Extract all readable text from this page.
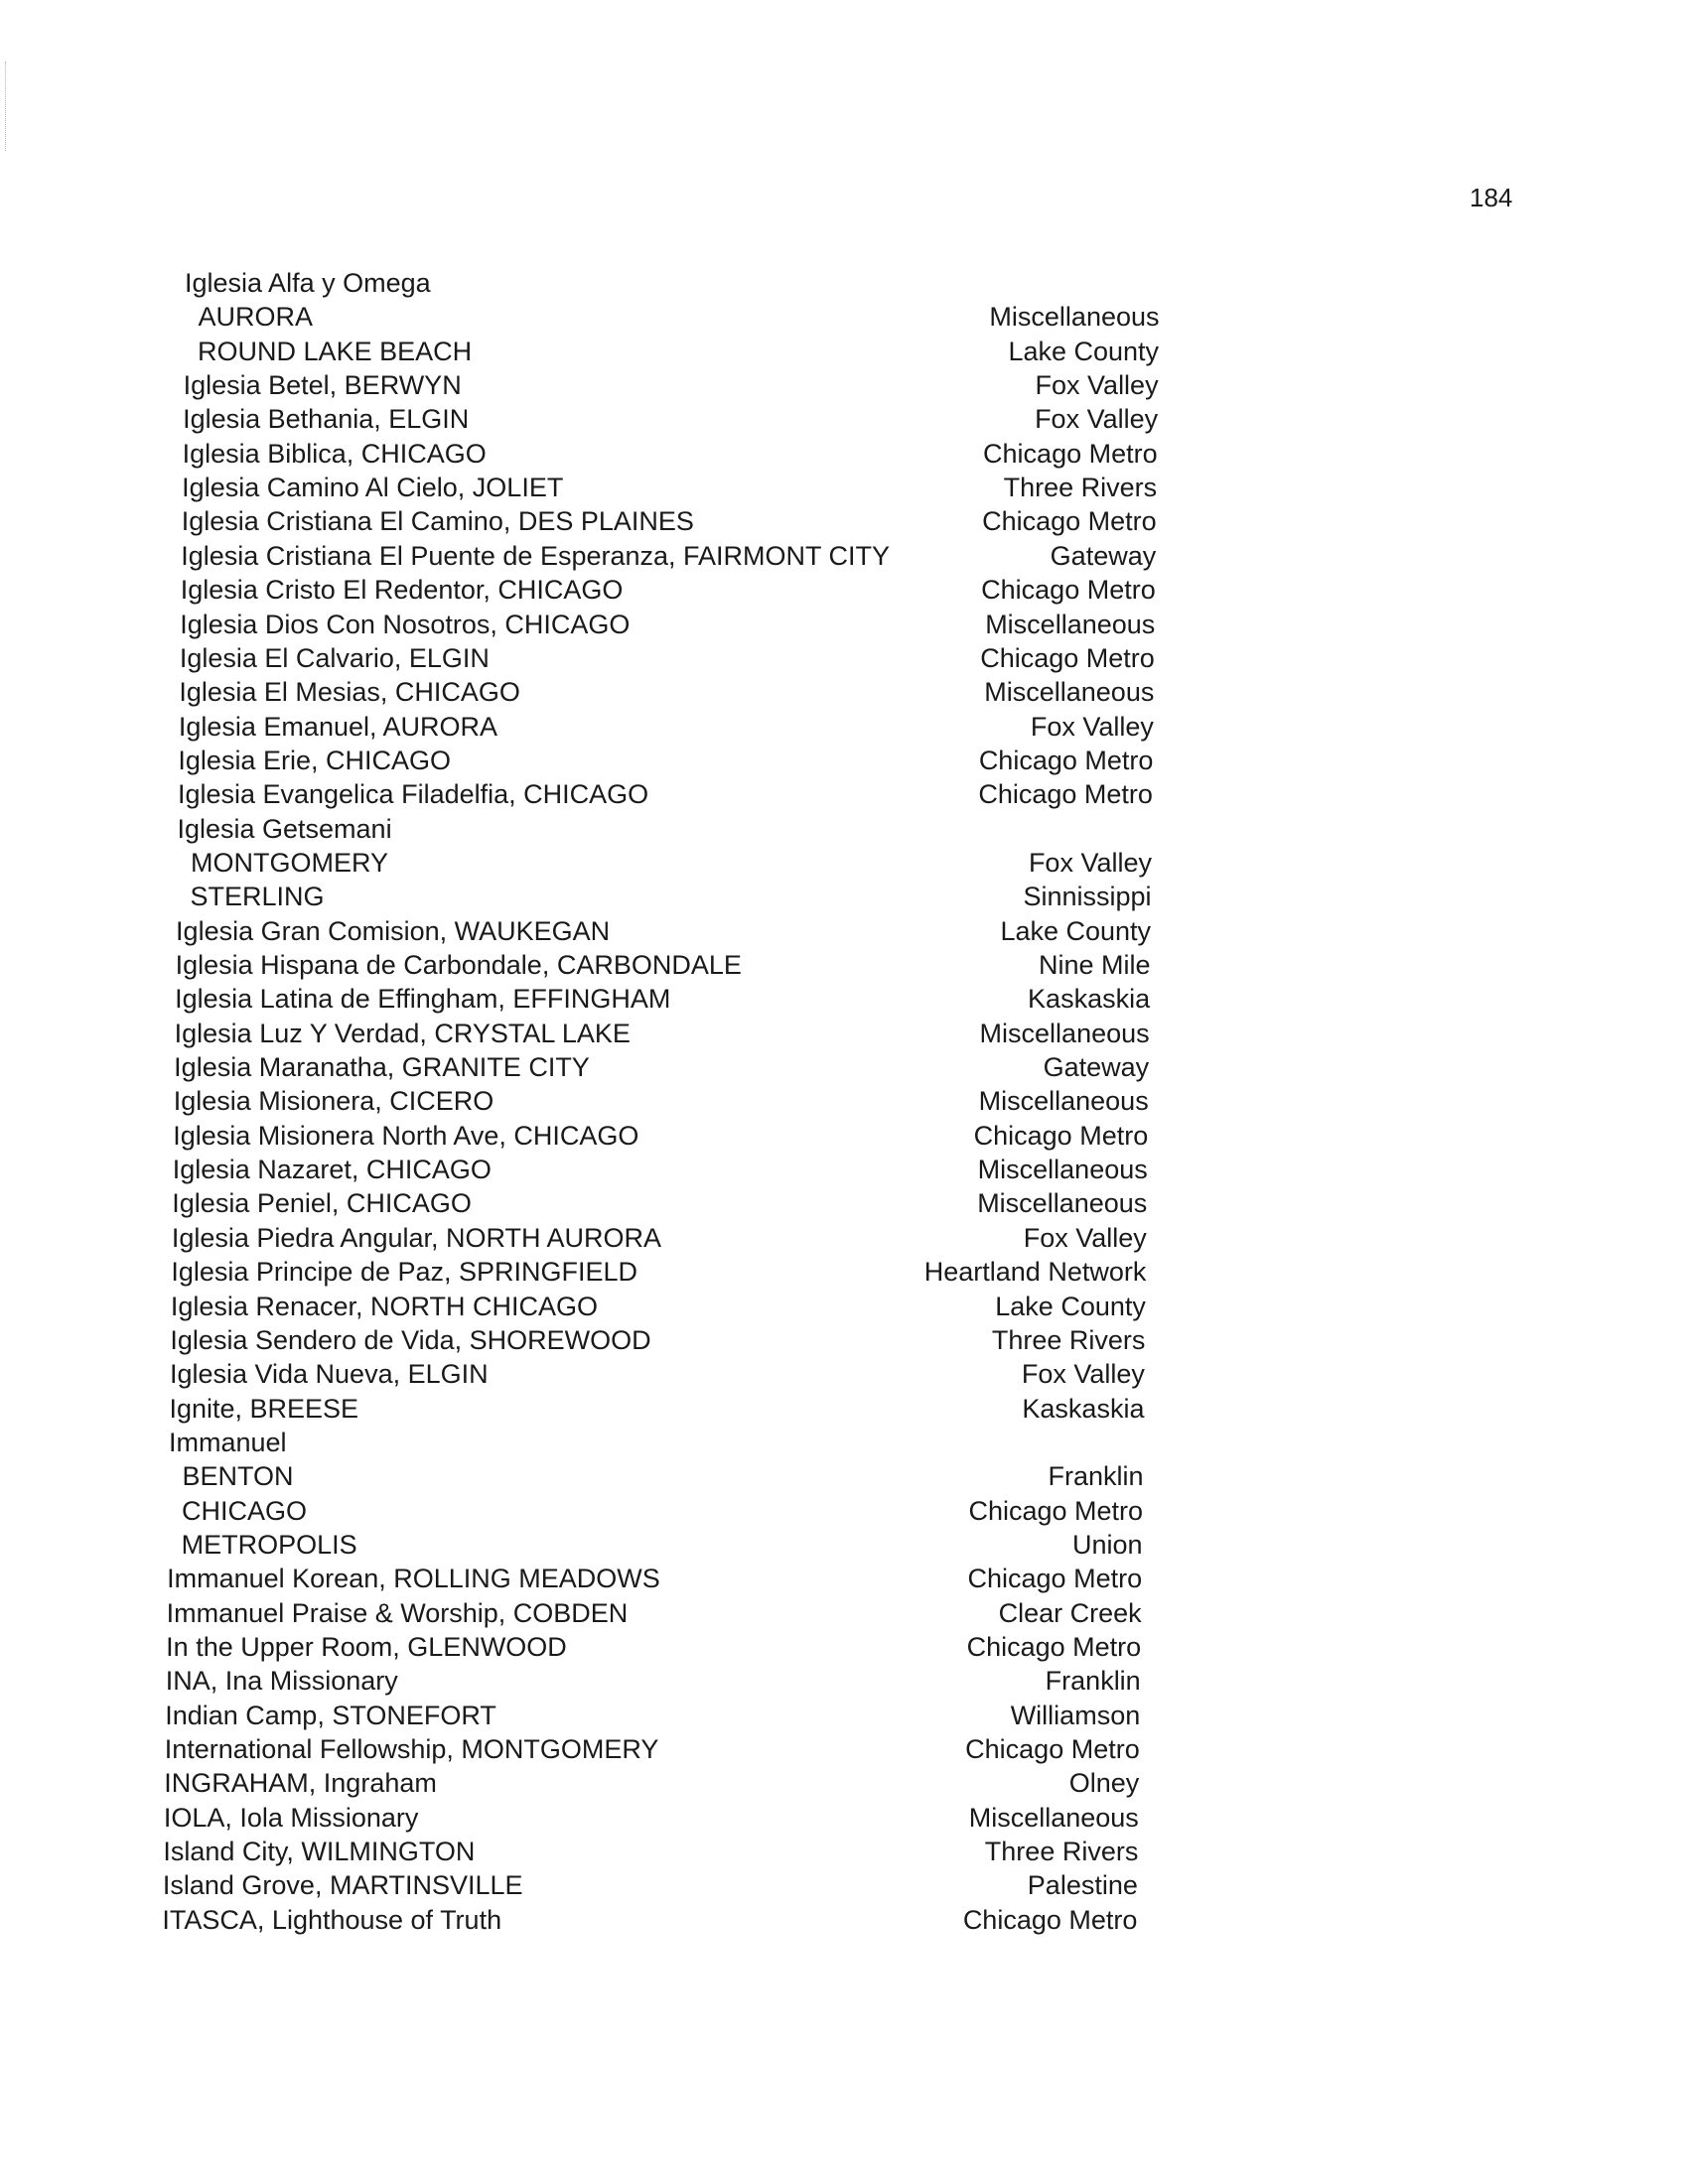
184
Iglesia Alfa y Omega
AURORA	Miscellaneous
ROUND LAKE BEACH	Lake County
Iglesia Betel, BERWYN	Fox Valley
Iglesia Bethania, ELGIN	Fox Valley
Iglesia Biblica, CHICAGO	Chicago Metro
Iglesia Camino Al Cielo, JOLIET	Three Rivers
Iglesia Cristiana El Camino, DES PLAINES	Chicago Metro
Iglesia Cristiana El Puente de Esperanza, FAIRMONT CITY	Gateway
Iglesia Cristo El Redentor, CHICAGO	Chicago Metro
Iglesia Dios Con Nosotros, CHICAGO	Miscellaneous
Iglesia El Calvario, ELGIN	Chicago Metro
Iglesia El Mesias, CHICAGO	Miscellaneous
Iglesia Emanuel, AURORA	Fox Valley
Iglesia Erie, CHICAGO	Chicago Metro
Iglesia Evangelica Filadelfia, CHICAGO	Chicago Metro
Iglesia Getsemani
MONTGOMERY	Fox Valley
STERLING	Sinnissippi
Iglesia Gran Comision, WAUKEGAN	Lake County
Iglesia Hispana de Carbondale, CARBONDALE	Nine Mile
Iglesia Latina de Effingham, EFFINGHAM	Kaskaskia
Iglesia Luz Y Verdad, CRYSTAL LAKE	Miscellaneous
Iglesia Maranatha, GRANITE CITY	Gateway
Iglesia Misionera, CICERO	Miscellaneous
Iglesia Misionera North Ave, CHICAGO	Chicago Metro
Iglesia Nazaret, CHICAGO	Miscellaneous
Iglesia Peniel, CHICAGO	Miscellaneous
Iglesia Piedra Angular, NORTH AURORA	Fox Valley
Iglesia Principe de Paz, SPRINGFIELD	Heartland Network
Iglesia Renacer, NORTH CHICAGO	Lake County
Iglesia Sendero de Vida, SHOREWOOD	Three Rivers
Iglesia Vida Nueva, ELGIN	Fox Valley
Ignite, BREESE	Kaskaskia
Immanuel
BENTON	Franklin
CHICAGO	Chicago Metro
METROPOLIS	Union
Immanuel Korean, ROLLING MEADOWS	Chicago Metro
Immanuel Praise & Worship, COBDEN	Clear Creek
In the Upper Room, GLENWOOD	Chicago Metro
INA, Ina Missionary	Franklin
Indian Camp, STONEFORT	Williamson
International Fellowship, MONTGOMERY	Chicago Metro
INGRAHAM, Ingraham	Olney
IOLA, Iola Missionary	Miscellaneous
Island City, WILMINGTON	Three Rivers
Island Grove, MARTINSVILLE	Palestine
ITASCA, Lighthouse of Truth	Chicago Metro
